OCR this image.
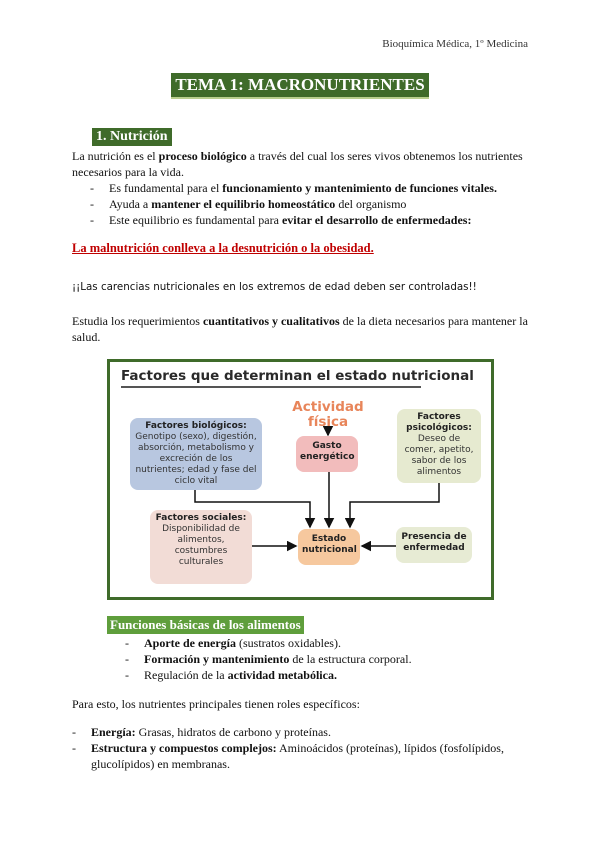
Bioquímica Médica, 1º Medicina
TEMA 1: MACRONUTRIENTES
1. Nutrición
La nutrición es el proceso biológico a través del cual los seres vivos obtenemos los nutrientes necesarios para la vida.
- Es fundamental para el funcionamiento y mantenimiento de funciones vitales.
- Ayuda a mantener el equilibrio homeostático del organismo
- Este equilibrio es fundamental para evitar el desarrollo de enfermedades:
La malnutrición conlleva a la desnutrición o la obesidad.
¡¡Las carencias nutricionales en los extremos de edad deben ser controladas!!
Estudia los requerimientos cuantitativos y cualitativos de la dieta necesarios para mantener la salud.
Factores que determinan el estado nutricional
Actividad física
Factores biológicos:
Genotipo (sexo), digestión, absorción, metabolismo y excreción de los nutrientes; edad y fase del ciclo vital
Factores psicológicos:
Deseo de comer, apetito, sabor de los alimentos
Gasto energético
Factores sociales:
Disponibilidad de alimentos, costumbres culturales
Estado nutricional
Presencia de enfermedad
Funciones básicas de los alimentos
- Aporte de energía (sustratos oxidables).
- Formación y mantenimiento de la estructura corporal.
- Regulación de la actividad metabólica.
Para esto, los nutrientes principales tienen roles específicos:
- Energía: Grasas, hidratos de carbono y proteínas.
- Estructura y compuestos complejos: Aminoácidos (proteínas), lípidos (fosfolípidos, glucolípidos) en membranas.
